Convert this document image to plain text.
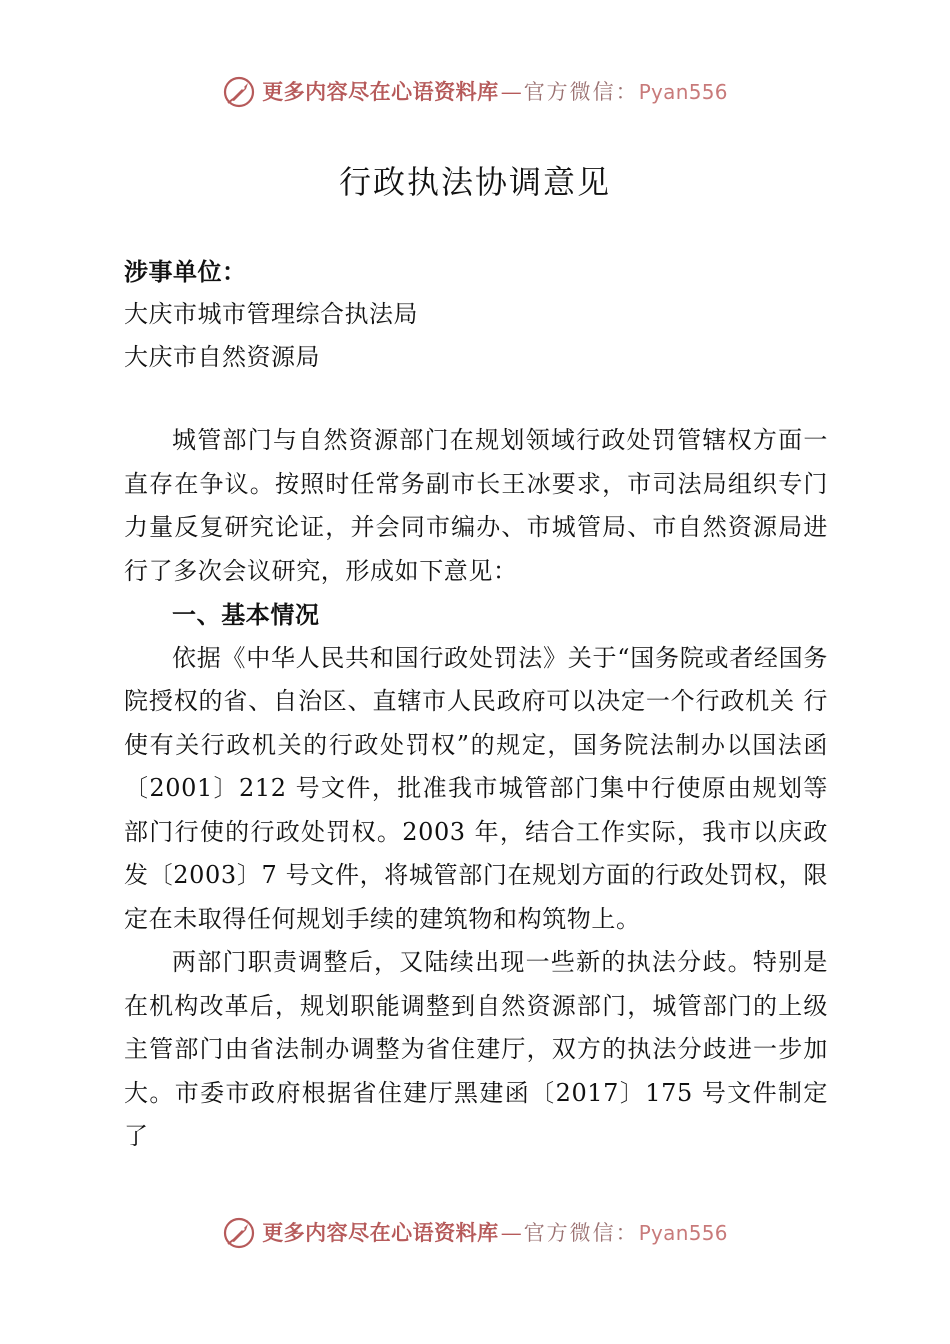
更多内容尽在心语资料库 — 官方微信： Pyan556
行政执法协调意见
涉事单位：
大庆市城市管理综合执法局
大庆市自然资源局

城管部门与自然资源部门在规划领域行政处罚管辖权方面一直存在争议。按照时任常务副市长王冰要求，市司法局组织专门力量反复研究论证，并会同市编办、市城管局、市自然资源局进行了多次会议研究，形成如下意见：

一、基本情况

依据《中华人民共和国行政处罚法》关于“国务院或者经国务院授权的省、自治区、直辖市人民政府可以决定一个行政机关 行使有关行政机关的行政处罚权”的规定，国务院法制办以国法函〔2001〕212 号文件，批准我市城管部门集中行使原由规划等部门行使的行政处罚权。2003 年，结合工作实际，我市以庆政发〔2003〕7 号文件，将城管部门在规划方面的行政处罚权，限定在未取得任何规划手续的建筑物和构筑物上。

两部门职责调整后，又陆续出现一些新的执法分歧。特别是在机构改革后，规划职能调整到自然资源部门，城管部门的上级主管部门由省法制办调整为省住建厅，双方的执法分歧进一步加大。市委市政府根据省住建厅黑建函〔2017〕175 号文件制定了

更多内容尽在心语资料库 — 官方微信： Pyan556
